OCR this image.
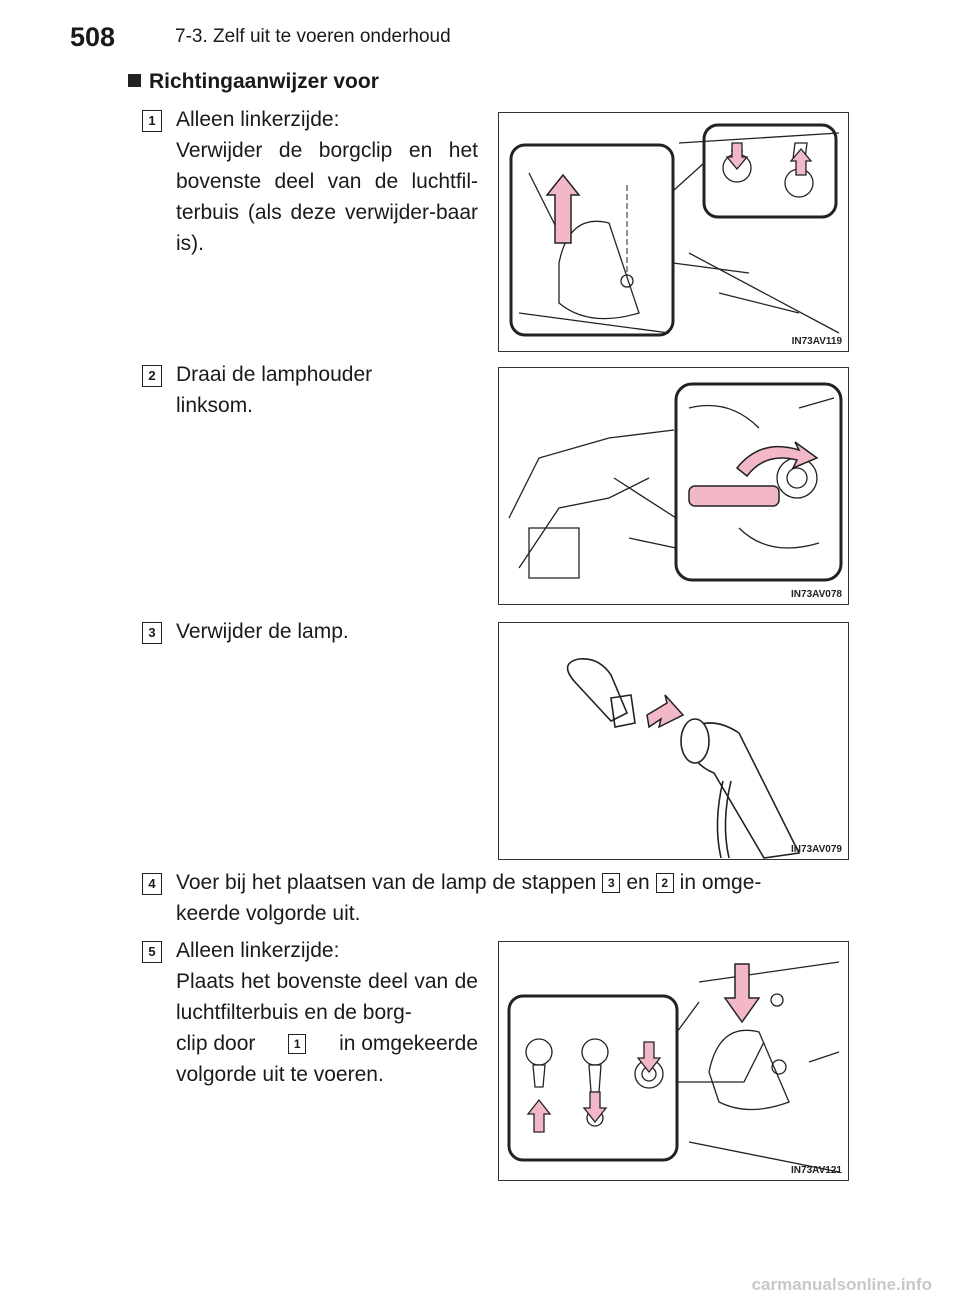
508	7-3. Zelf uit te voeren onderhoud
Richtingaanwijzer voor
1 Alleen linkerzijde:
Verwijder de borgclip en het bovenste deel van de luchtfil-terbuis (als deze verwijder-baar is).
IN73AV119
2 Draai de lamphouder
linksom.
IN73AV078
3 Verwijder de lamp.
IN73AV079
4 Voer bij het plaatsen van de lamp de stappen 3 en 2 in omge-
keerde volgorde uit.
5 Alleen linkerzijde:
Plaats het bovenste deel van de luchtfilterbuis en de borg-
clip door	1 in omgekeerde
volgorde uit te voeren.
IN73AV121
carmanualsonline.info
